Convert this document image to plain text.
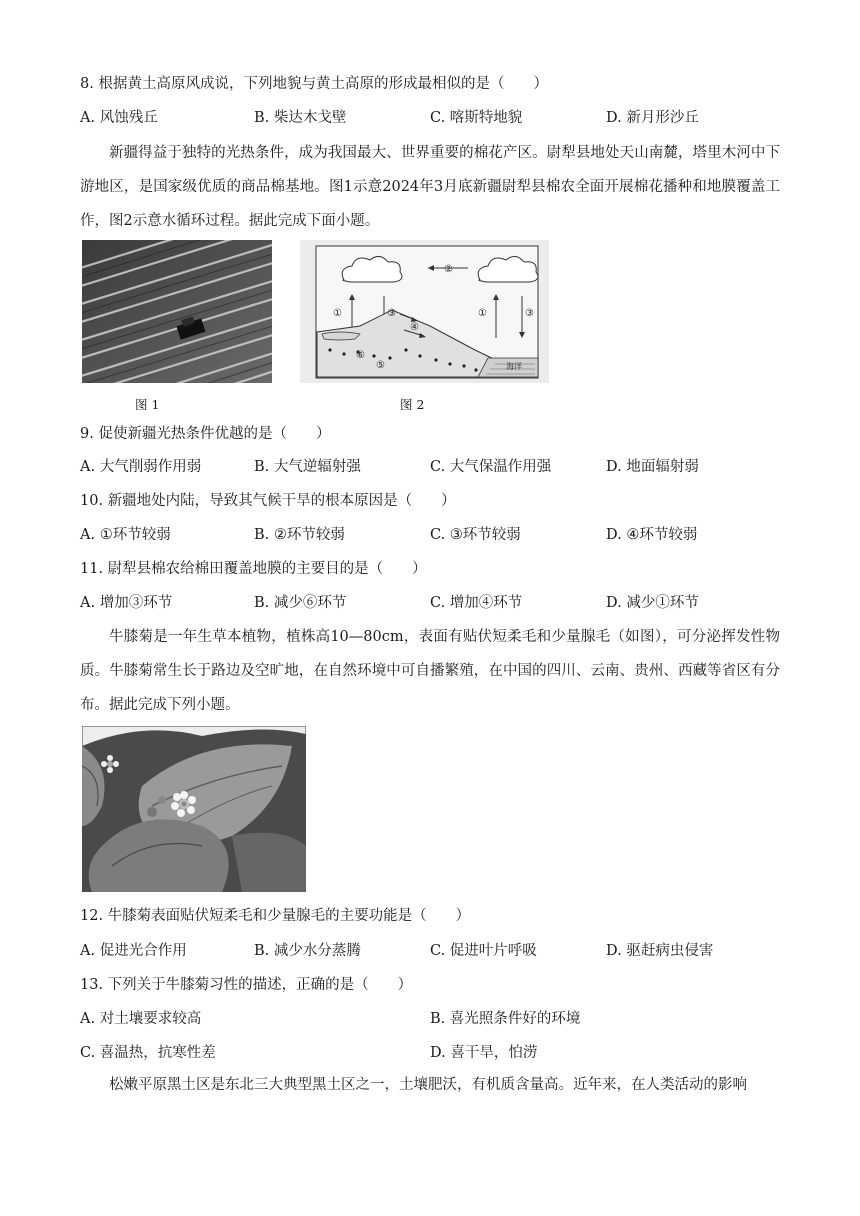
8. 根据黄土高原风成说，下列地貌与黄土高原的形成最相似的是（　　）
A. 风蚀残丘	B. 柴达木戈壁	C. 喀斯特地貌	D. 新月形沙丘
新疆得益于独特的光热条件，成为我国最大、世界重要的棉花产区。尉犁县地处天山南麓，塔里木河中下游地区，是国家级优质的商品棉基地。图1示意2024年3月底新疆尉犁县棉农全面开展棉花播种和地膜覆盖工作，图2示意水循环过程。据此完成下面小题。
图 1
①	③
②
①	③
④
⑥
⑤	海洋
图 2
9. 促使新疆光热条件优越的是（　　）
A. 大气削弱作用弱	B. 大气逆辐射强	C. 大气保温作用强	D. 地面辐射弱
10. 新疆地处内陆，导致其气候干旱的根本原因是（　　）
A. ①环节较弱	B. ②环节较弱	C. ③环节较弱	D. ④环节较弱
11. 尉犁县棉农给棉田覆盖地膜的主要目的是（　　）
A. 增加③环节	B. 减少⑥环节	C. 增加④环节	D. 减少①环节
牛膝菊是一年生草本植物，植株高10—80cm，表面有贴伏短柔毛和少量腺毛（如图），可分泌挥发性物质。牛膝菊常生长于路边及空旷地，在自然环境中可自播繁殖，在中国的四川、云南、贵州、西藏等省区有分布。据此完成下列小题。
12. 牛膝菊表面贴伏短柔毛和少量腺毛的主要功能是（　　）
A. 促进光合作用	B. 减少水分蒸腾	C. 促进叶片呼吸	D. 驱赶病虫侵害
13. 下列关于牛膝菊习性的描述，正确的是（　　）
A. 对土壤要求较高	B. 喜光照条件好的环境
C. 喜温热，抗寒性差	D. 喜干旱，怕涝
松嫩平原黑土区是东北三大典型黑土区之一，土壤肥沃，有机质含量高。近年来，在人类活动的影响
